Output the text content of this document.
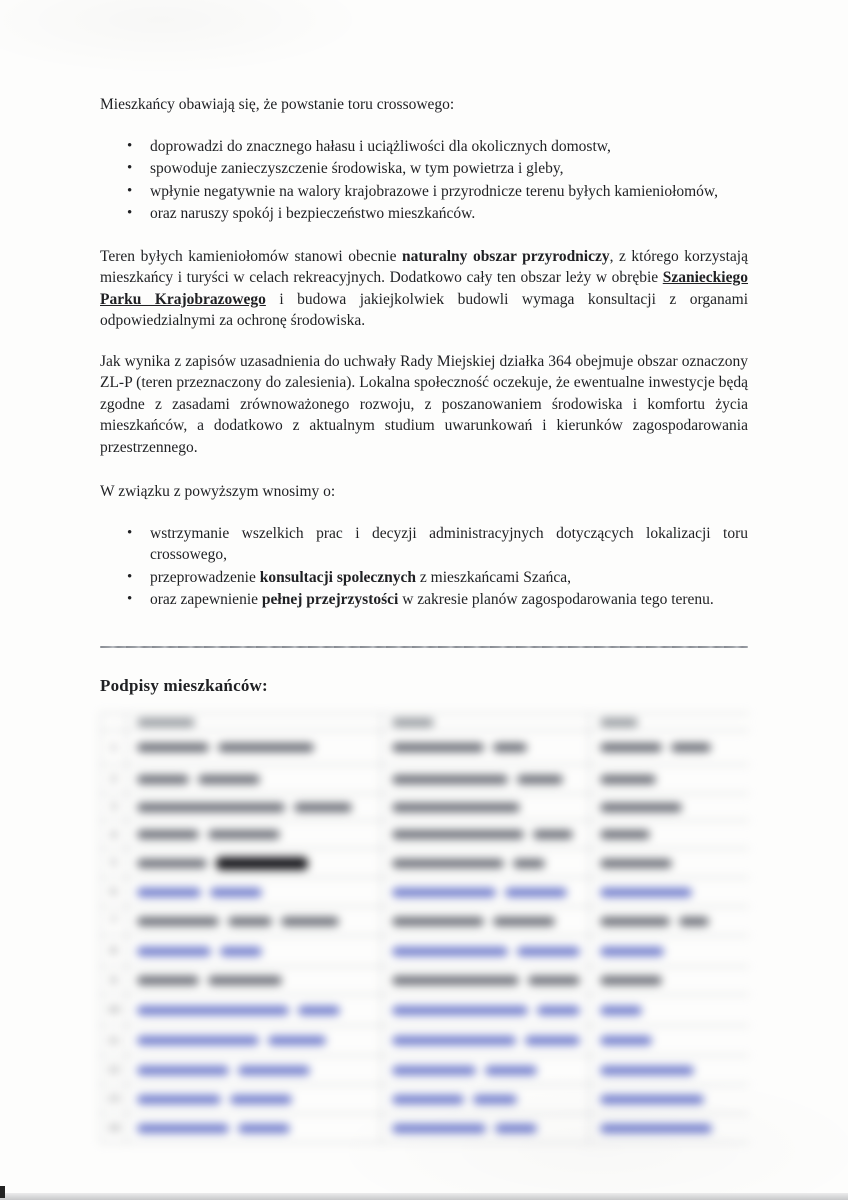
Mieszkańcy obawiają się, że powstanie toru crossowego:

• doprowadzi do znacznego hałasu i uciążliwości dla okolicznych domostw,
• spowoduje zanieczyszczenie środowiska, w tym powietrza i gleby,
• wpłynie negatywnie na walory krajobrazowe i przyrodnicze terenu byłych kamieniołomów,
• oraz naruszy spokój i bezpieczeństwo mieszkańców.

Teren byłych kamieniołomów stanowi obecnie naturalny obszar przyrodniczy, z którego korzystają mieszkańcy i turyści w celach rekreacyjnych. Dodatkowo cały ten obszar leży w obrębie Szanieckiego Parku Krajobrazowego i budowa jakiejkolwiek budowli wymaga konsultacji z organami odpowiedzialnymi za ochronę środowiska.

Jak wynika z zapisów uzasadnienia do uchwały Rady Miejskiej działka 364 obejmuje obszar oznaczony ZL-P (teren przeznaczony do zalesienia). Lokalna społeczność oczekuje, że ewentualne inwestycje będą zgodne z zasadami zrównoważonego rozwoju, z poszanowaniem środowiska i komfortu życia mieszkańców, a dodatkowo z aktualnym studium uwarunkowań i kierunków zagospodarowania przestrzennego.

W związku z powyższym wnosimy o:

• wstrzymanie wszelkich prac i decyzji administracyjnych dotyczących lokalizacji toru crossowego,
• przeprowadzenie konsultacji spolecznych z mieszkańcami Szańca,
• oraz zapewnienie pełnej przejrzystości w zakresie planów zagospodarowania tego terenu.
Podpisy mieszkańców:
1
2
3
4
5
6
7
8
9
10
11
12
13
14
